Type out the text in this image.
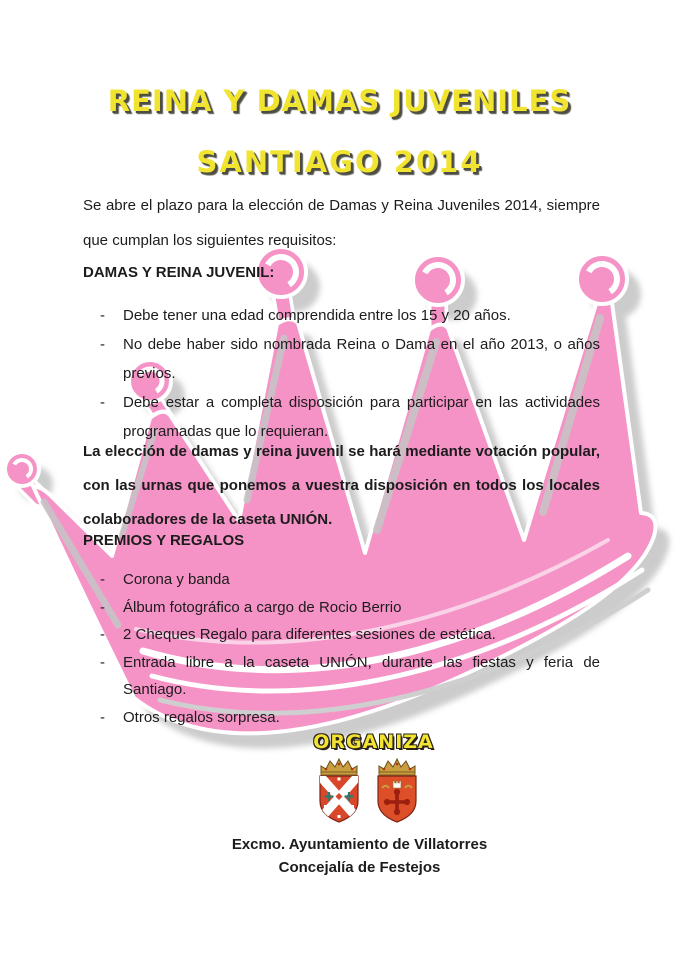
REINA Y DAMAS JUVENILES
SANTIAGO 2014

Se abre el plazo para la elección de Damas y Reina Juveniles 2014, siempre que cumplan los siguientes requisitos:

DAMAS Y REINA JUVENIL:
-	Debe tener una edad comprendida entre los 15 y 20 años.
-	No debe haber sido nombrada Reina o Dama en el año 2013, o años previos.
-	Debe estar a completa disposición para participar en las actividades programadas que lo requieran.

La elección de damas y reina juvenil se hará mediante votación popular, con las urnas que ponemos a vuestra disposición en todos los locales colaboradores de la caseta UNIÓN.

PREMIOS Y REGALOS
-	Corona y banda
-	Álbum fotográfico a cargo de Rocio Berrio
-	2 Cheques Regalo para diferentes sesiones de estética.
-	Entrada libre a la caseta UNIÓN, durante las fiestas y feria de Santiago.
-	Otros regalos sorpresa.
ORGANIZA

Excmo. Ayuntamiento de Villatorres

Concejalía de Festejos
